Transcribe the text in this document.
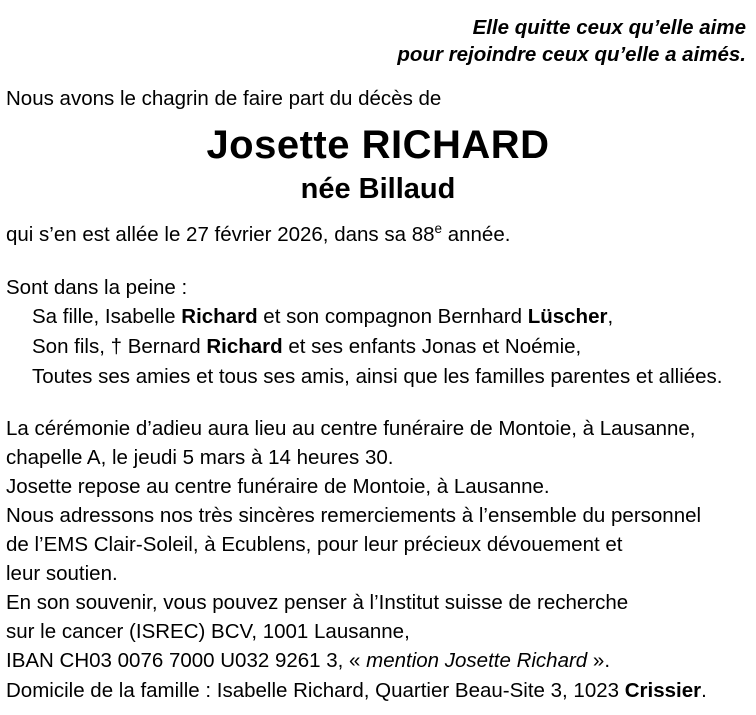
Elle quitte ceux qu’elle aime
pour rejoindre ceux qu’elle a aimés.
Nous avons le chagrin de faire part du décès de
Josette RICHARD
née Billaud
qui s’en est allée le 27 février 2026, dans sa 88e année.
Sont dans la peine :
Sa fille, Isabelle Richard et son compagnon Bernhard Lüscher,
Son fils, † Bernard Richard et ses enfants Jonas et Noémie,
Toutes ses amies et tous ses amis, ainsi que les familles parentes et alliées.
La cérémonie d’adieu aura lieu au centre funéraire de Montoie, à Lausanne,
chapelle A, le jeudi 5 mars à 14 heures 30.
Josette repose au centre funéraire de Montoie, à Lausanne.
Nous adressons nos très sincères remerciements à l’ensemble du personnel
de l’EMS Clair-Soleil, à Ecublens, pour leur précieux dévouement et
leur soutien.
En son souvenir, vous pouvez penser à l’Institut suisse de recherche
sur le cancer (ISREC) BCV, 1001 Lausanne,
IBAN CH03 0076 7000 U032 9261 3, « mention Josette Richard ».
Domicile de la famille : Isabelle Richard, Quartier Beau-Site 3, 1023 Crissier.
